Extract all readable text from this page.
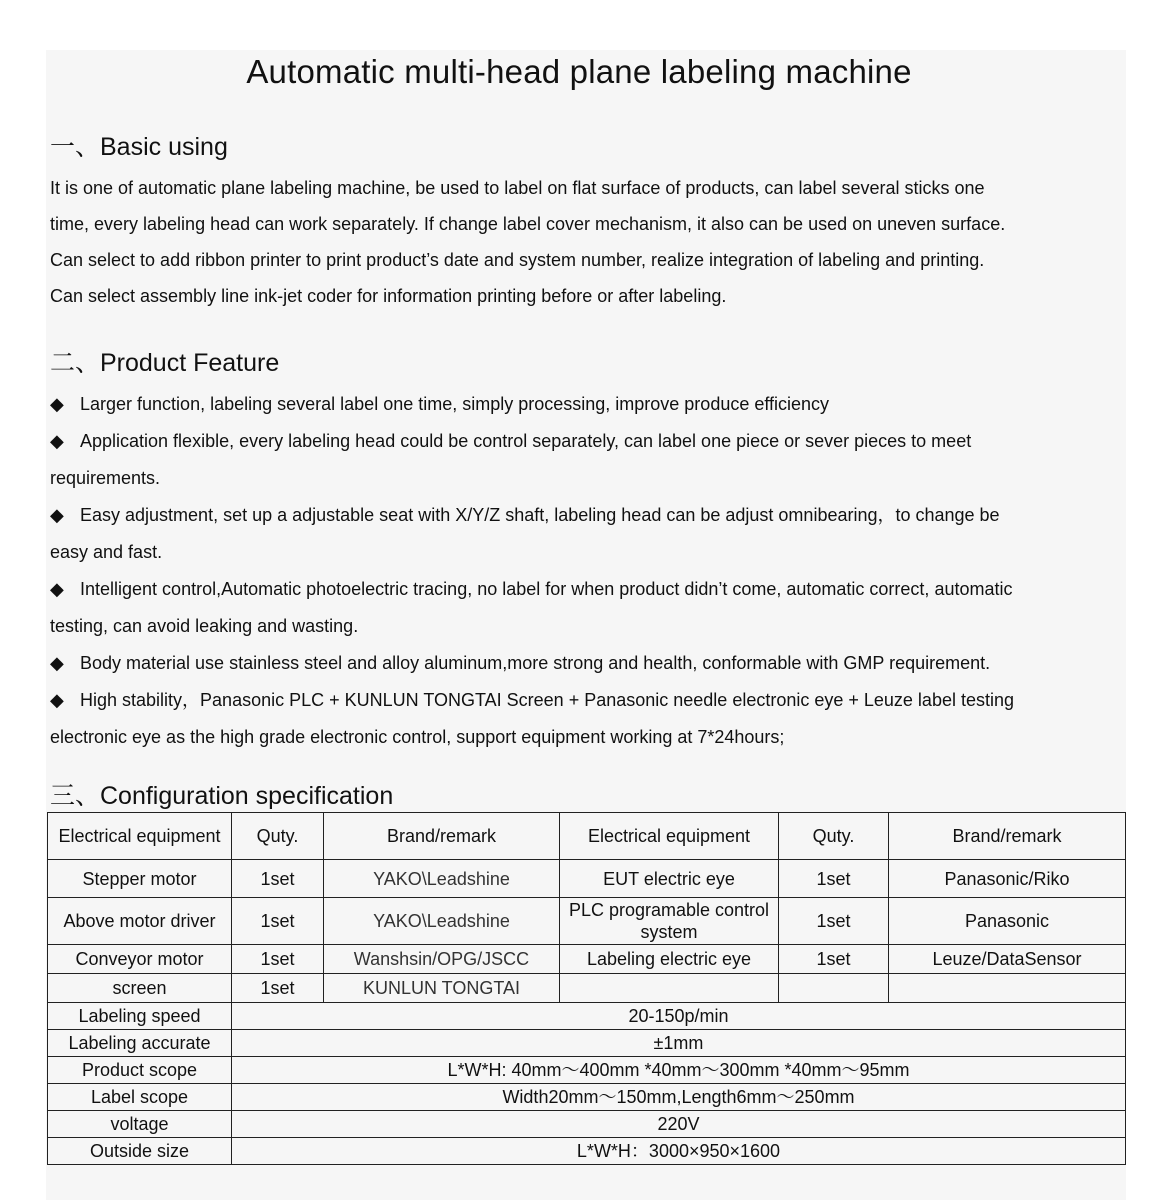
Automatic multi-head plane labeling machine
一、Basic using
It is one of automatic plane labeling machine, be used to label on flat surface of products, can label several sticks one
time, every labeling head can work separately. If change label cover mechanism, it also can be used on uneven surface.
Can select to add ribbon printer to print product’s date and system number, realize integration of labeling and printing.
Can select assembly line ink-jet coder for information printing before or after labeling.
二、Product Feature
◆ Larger function, labeling several label one time, simply processing, improve produce efficiency
◆ Application flexible, every labeling head could be control separately, can label one piece or sever pieces to meet
requirements.
◆ Easy adjustment, set up a adjustable seat with X/Y/Z shaft, labeling head can be adjust omnibearing，to change be
easy and fast.
◆ Intelligent control,Automatic photoelectric tracing, no label for when product didn’t come, automatic correct, automatic
testing, can avoid leaking and wasting.
◆ Body material use stainless steel and alloy aluminum,more strong and health, conformable with GMP requirement.
◆ High stability，Panasonic PLC + KUNLUN TONGTAI Screen + Panasonic needle electronic eye + Leuze label testing
electronic eye as the high grade electronic control, support equipment working at 7*24hours;
三、Configuration specification
Electrical equipment	Quty.	Brand/remark	Electrical equipment	Quty.	Brand/remark
Stepper motor	1set	YAKO\Leadshine	EUT electric eye	1set	Panasonic/Riko
Above motor driver	1set	YAKO\Leadshine	PLC programable control system	1set	Panasonic
Conveyor motor	1set	Wanshsin/OPG/JSCC	Labeling electric eye	1set	Leuze/DataSensor
screen	1set	KUNLUN TONGTAI			
Labeling speed	20-150p/min				
Labeling accurate	±1mm				
Product scope	L*W*H: 40mm～400mm *40mm～300mm *40mm～95mm				
Label scope	Width20mm～150mm,Length6mm～250mm				
voltage	220V				
Outside size	L*W*H：3000×950×1600				
